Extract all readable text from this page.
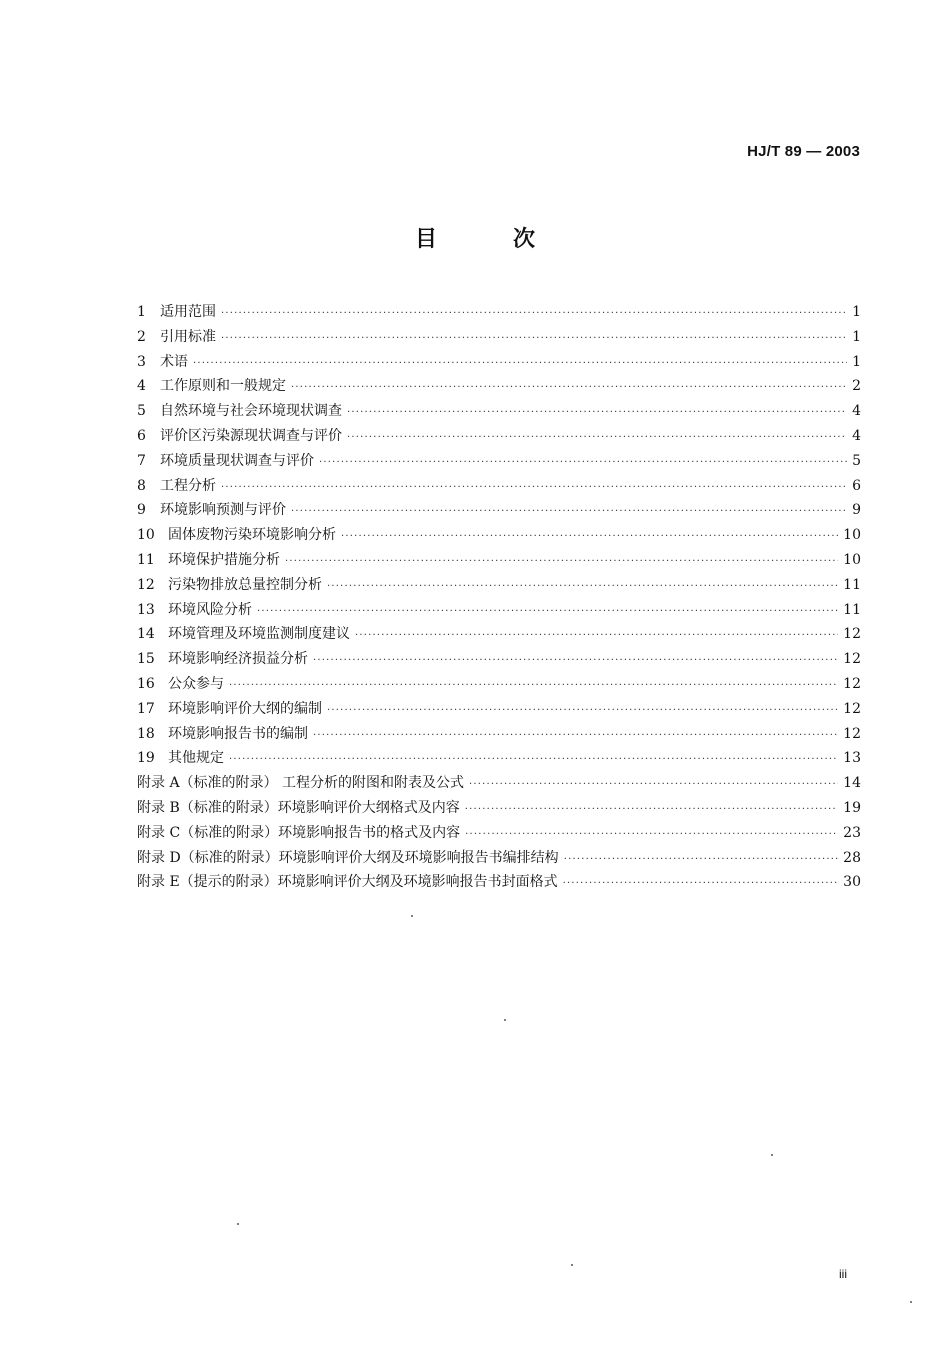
HJ/T 89 — 2003
目次
1	适用范围 ·····	1
2	引用标准 ·····	1
3	术语 ·····	1
4	工作原则和一般规定 ·····	2
5	自然环境与社会环境现状调查 ·····	4
6	评价区污染源现状调查与评价 ·····	4
7	环境质量现状调查与评价 ·····	5
8	工程分析 ·····	6
9	环境影响预测与评价 ·····	9
10 固体废物污染环境影响分析 ·····	10
11 环境保护措施分析 ·····	10
12 污染物排放总量控制分析 ·····	11
13 环境风险分析 ·····	11
14 环境管理及环境监测制度建议 ·····	12
15 环境影响经济损益分析 ·····	12
16 公众参与 ·····	12
17 环境影响评价大纲的编制 ·····	12
18 环境影响报告书的编制 ·····	12
19 其他规定 ·····	13
附录 A（标准的附录） 工程分析的附图和附表及公式 ·····	14
附录 B（标准的附录）环境影响评价大纲格式及内容 ·····	19
附录 C（标准的附录）环境影响报告书的格式及内容 ·····	23
附录 D（标准的附录）环境影响评价大纲及环境影响报告书编排结构 ·····	28
附录 E（提示的附录）环境影响评价大纲及环境影响报告书封面格式 ·····	30
iii
